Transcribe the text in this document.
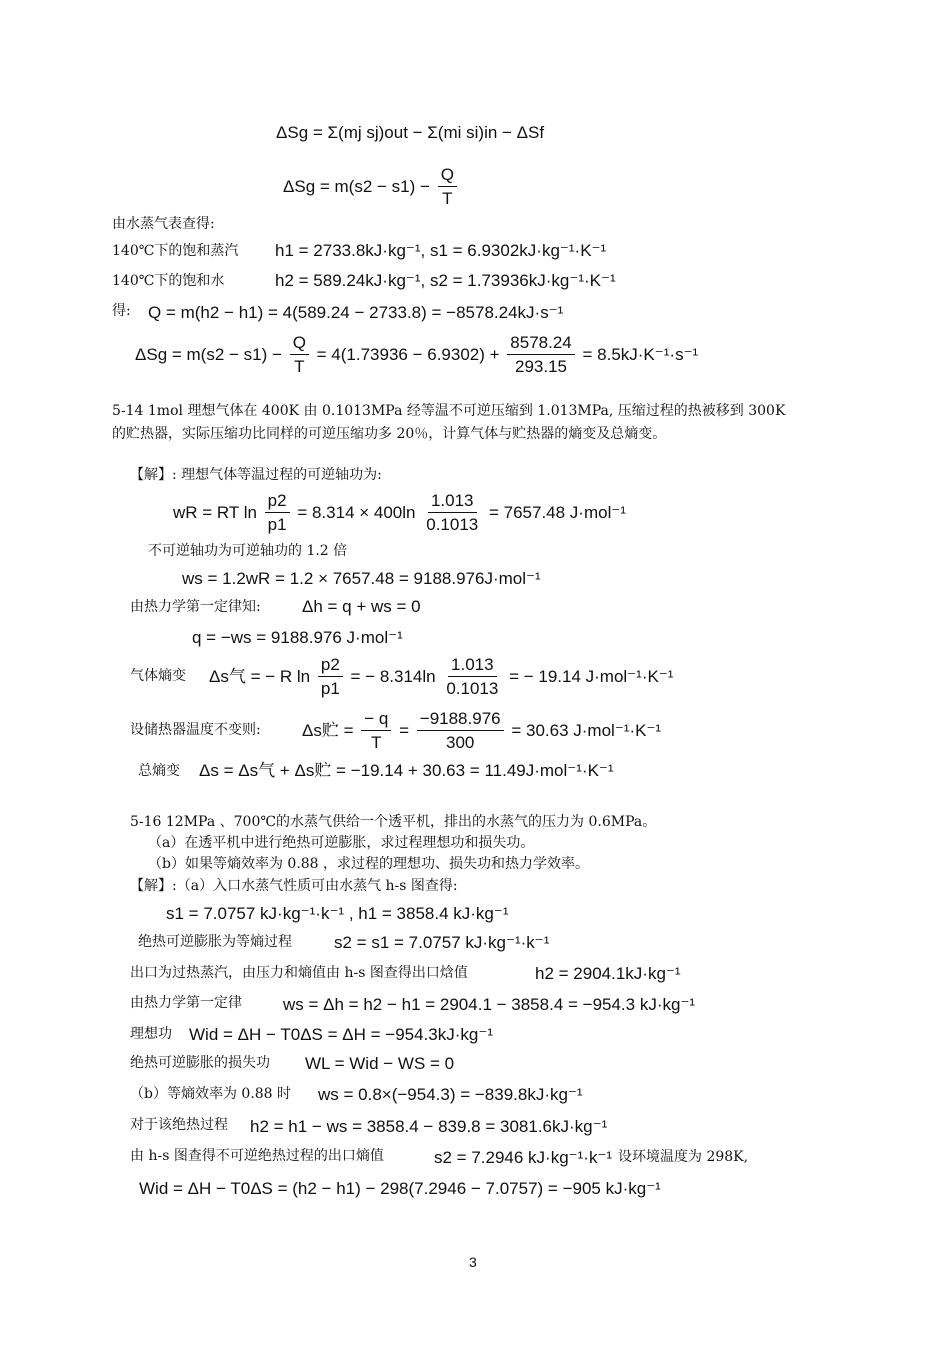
ΔSg = Σ(mj sj)out − Σ(mi si)in − ΔSf
$\Delta Sg = m(s2 - s1) - \frac{Q}{T}$
由水蒸气表查得:
140℃下的饱和蒸汽 h1 = 2733.8kJ·kg⁻¹, s1 = 6.9302kJ·kg⁻¹·K⁻¹
140℃下的饱和水	h2 = 589.24kJ·kg⁻¹, s2 = 1.73936kJ·kg⁻¹·K⁻¹
得: Q = m(h2 − h1) = 4(589.24 − 2733.8) = −8578.24kJ·s⁻¹
$\Delta Sg = m(s2 - s1) - \frac{Q}{T} = 4(1.73936 - 6.9302) + \frac{8578.24}{293.15} = 8.5kJ\cdot K^{-1}\cdot s^{-1}$
5-14 1mol 理想气体在 400K 由 0.1013MPa 经等温不可逆压缩到 1.013MPa, 压缩过程的热被移到 300K
的贮热器，实际压缩功比同样的可逆压缩功多 20％，计算气体与贮热器的熵变及总熵变。
【解】: 理想气体等温过程的可逆轴功为:
wR = RT $\ln \frac{p2}{p1} = 8.314 \times 400\ln \frac{1.013}{0.1013} = 7657.48$ J·mol⁻¹
不可逆轴功为可逆轴功的 1.2 倍
ws = 1.2wR = 1.2 × 7657.48 = 9188.976J·mol⁻¹
由热力学第一定律知: Δh = q + ws = 0
q = −ws = 9188.976 J·mol⁻¹
气体熵变 Δs气 = − R $\ln \frac{p2}{p1}$ = − $8.314\ln \frac{1.013}{0.1013}$ = − 19.14 J·mol⁻¹·K⁻¹
设储热器温度不变则: Δs贮 = $\frac{- q}{T} = \frac{-9188.976}{300} = 30.63$ J·mol⁻¹·K⁻¹
总熵变 Δs = Δs气 + Δs贮 = −19.14 + 30.63 = 11.49J·mol⁻¹·K⁻¹
5-16 12MPa 、700℃的水蒸气供给一个透平机，排出的水蒸气的压力为 0.6MPa。
（a）在透平机中进行绝热可逆膨胀，求过程理想功和损失功。
（b）如果等熵效率为 0.88 ，求过程的理想功、损失功和热力学效率。
【解】:（a）入口水蒸气性质可由水蒸气 h-s 图查得:
s1 = 7.0757 kJ·kg⁻¹·k⁻¹ , h1 = 3858.4 kJ·kg⁻¹
绝热可逆膨胀为等熵过程 s2 = s1 = 7.0757 kJ·kg⁻¹·k⁻¹
出口为过热蒸汽，由压力和熵值由 h-s 图查得出口焓值	h2 = 2904.1kJ·kg⁻¹
由热力学第一定律 ws = Δh = h2 − h1 = 2904.1 − 3858.4 = −954.3 kJ·kg⁻¹
理想功 Wid = ΔH − T0ΔS = ΔH = −954.3kJ·kg⁻¹
绝热可逆膨胀的损失功 WL = Wid − WS = 0
（b）等熵效率为 0.88 时 ws = 0.8×(−954.3) = −839.8kJ·kg⁻¹
对于该绝热过程 h2 = h1 − ws = 3858.4 − 839.8 = 3081.6kJ·kg⁻¹
由 h-s 图查得不可逆绝热过程的出口熵值	s2 = 7.2946 kJ·kg⁻¹·k⁻¹ 设环境温度为 298K,
Wid = ΔH − T0ΔS = (h2 − h1) − 298(7.2946 − 7.0757) = −905 kJ·kg⁻¹
3
